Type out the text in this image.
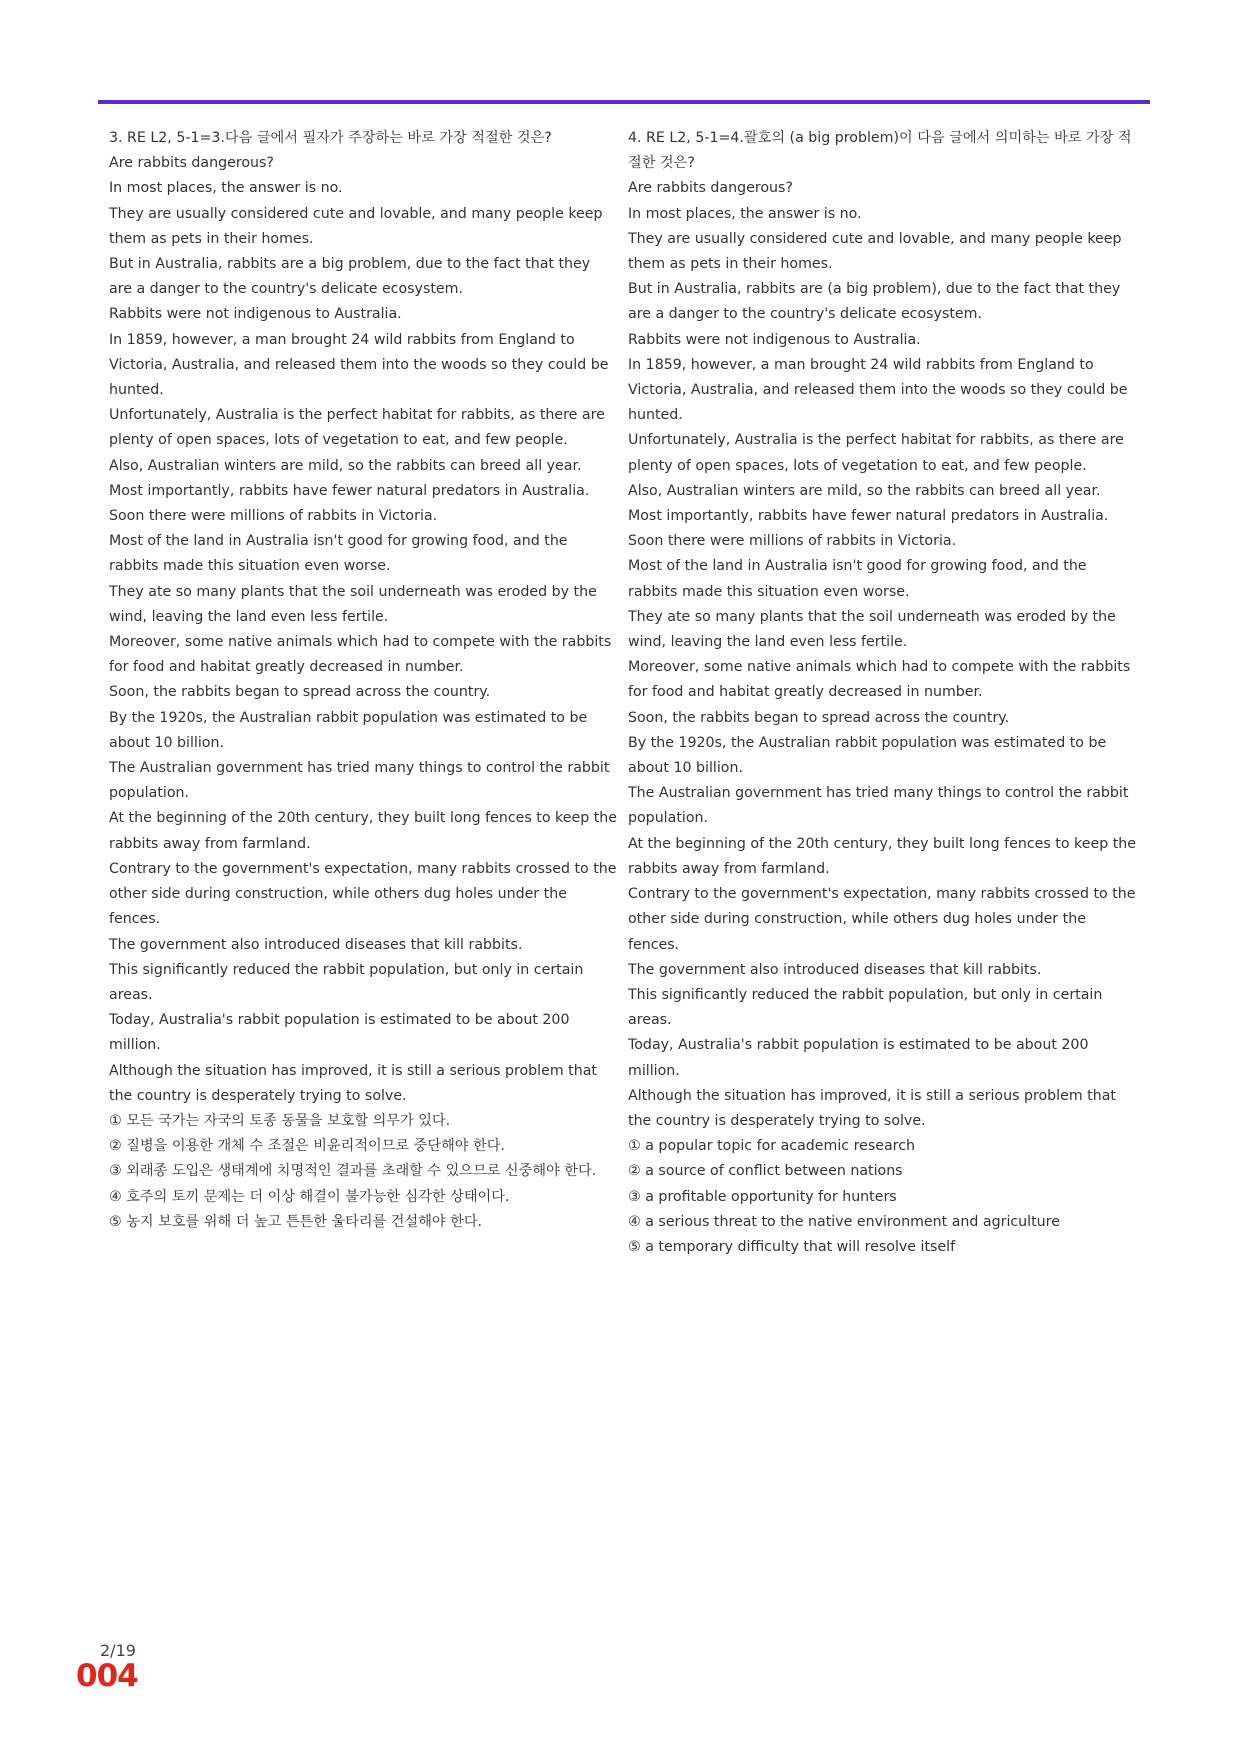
3. RE L2, 5-1=3.다음 글에서 필자가 주장하는 바로 가장 적절한 것은?

Are rabbits dangerous?

In most places, the answer is no.

They are usually considered cute and lovable, and many people keep them as pets in their homes.

But in Australia, rabbits are a big problem, due to the fact that they are a danger to the country's delicate ecosystem.

Rabbits were not indigenous to Australia.

In 1859, however, a man brought 24 wild rabbits from England to Victoria, Australia, and released them into the woods so they could be hunted.

Unfortunately, Australia is the perfect habitat for rabbits, as there are plenty of open spaces, lots of vegetation to eat, and few people.

Also, Australian winters are mild, so the rabbits can breed all year.

Most importantly, rabbits have fewer natural predators in Australia.

Soon there were millions of rabbits in Victoria.

Most of the land in Australia isn't good for growing food, and the rabbits made this situation even worse.

They ate so many plants that the soil underneath was eroded by the wind, leaving the land even less fertile.

Moreover, some native animals which had to compete with the rabbits for food and habitat greatly decreased in number.

Soon, the rabbits began to spread across the country.

By the 1920s, the Australian rabbit population was estimated to be about 10 billion.

The Australian government has tried many things to control the rabbit population.

At the beginning of the 20th century, they built long fences to keep the rabbits away from farmland.

Contrary to the government's expectation, many rabbits crossed to the other side during construction, while others dug holes under the fences.

The government also introduced diseases that kill rabbits.

This significantly reduced the rabbit population, but only in certain areas.

Today, Australia's rabbit population is estimated to be about 200 million.

Although the situation has improved, it is still a serious problem that the country is desperately trying to solve.

① 모든 국가는 자국의 토종 동물을 보호할 의무가 있다.

② 질병을 이용한 개체 수 조절은 비윤리적이므로 중단해야 한다.

③ 외래종 도입은 생태계에 치명적인 결과를 초래할 수 있으므로 신중해야 한다.

④ 호주의 토끼 문제는 더 이상 해결이 불가능한 심각한 상태이다.

⑤ 농지 보호를 위해 더 높고 튼튼한 울타리를 건설해야 한다.

4. RE L2, 5-1=4.괄호의 (a big problem)이 다음 글에서 의미하는 바로 가장 적절한 것은?

Are rabbits dangerous?

In most places, the answer is no.

They are usually considered cute and lovable, and many people keep them as pets in their homes.

But in Australia, rabbits are (a big problem), due to the fact that they are a danger to the country's delicate ecosystem.

Rabbits were not indigenous to Australia.

In 1859, however, a man brought 24 wild rabbits from England to Victoria, Australia, and released them into the woods so they could be hunted.

Unfortunately, Australia is the perfect habitat for rabbits, as there are plenty of open spaces, lots of vegetation to eat, and few people.

Also, Australian winters are mild, so the rabbits can breed all year.

Most importantly, rabbits have fewer natural predators in Australia.

Soon there were millions of rabbits in Victoria.

Most of the land in Australia isn't good for growing food, and the rabbits made this situation even worse.

They ate so many plants that the soil underneath was eroded by the wind, leaving the land even less fertile.

Moreover, some native animals which had to compete with the rabbits for food and habitat greatly decreased in number.

Soon, the rabbits began to spread across the country.

By the 1920s, the Australian rabbit population was estimated to be about 10 billion.

The Australian government has tried many things to control the rabbit population.

At the beginning of the 20th century, they built long fences to keep the rabbits away from farmland.

Contrary to the government's expectation, many rabbits crossed to the other side during construction, while others dug holes under the fences.

The government also introduced diseases that kill rabbits.

This significantly reduced the rabbit population, but only in certain areas.

Today, Australia's rabbit population is estimated to be about 200 million.

Although the situation has improved, it is still a serious problem that the country is desperately trying to solve.

① a popular topic for academic research

② a source of conflict between nations

③ a profitable opportunity for hunters

④ a serious threat to the native environment and agriculture

⑤ a temporary difficulty that will resolve itself

2/19
004
